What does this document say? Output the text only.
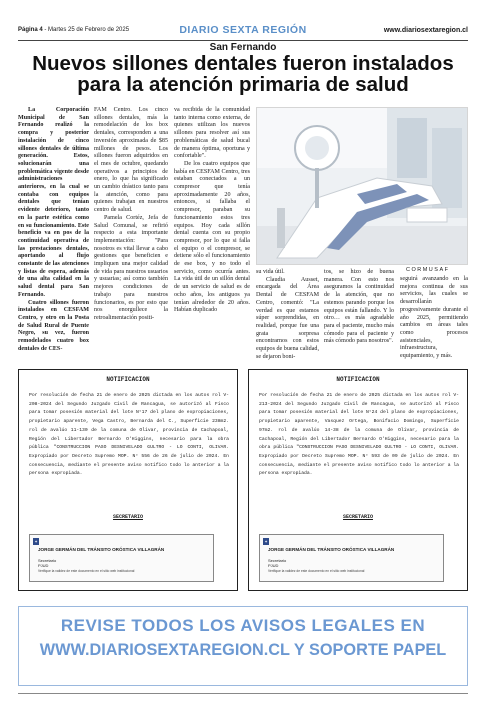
Página 4 - Martes 25 de Febrero de 2025	DIARIO SEXTA REGIÓN	www.diariosextaregion.cl
San Fernando
Nuevos sillones dentales fueron instalados
para la atención primaria de salud

La Corporación Municipal de San Fernando realizó la compra y posterior instalación de cinco sillones dentales de última generación. Estos, solucionarán una problemática vigente desde administraciones anteriores, en la cual se contaba con equipos dentales que tenían evidente deterioro, tanto en la parte estética como en su funcionamiento. Este beneficio va en pos de la continuidad operativa de las prestaciones dentales, aportando al flujo constante de las atenciones y listas de espera, además de una alta calidad en la salud dental para San Fernando.

Cuatro sillones fueron instalados en CESFAM Centro, y otro en la Posta de Salud Rural de Puente Negro, su vez, fueron remodelados cuatro box dentales de CES-

FAM Centro. Los cinco sillones dentales, más la remodelación de los box dentales, corresponden a una inversión aproximada de $85 millones de pesos. Los sillones fueron adquiridos en el mes de octubre, quedando operativos a principios de enero, lo que ha significado un cambio drástico tanto para la atención, como para quienes trabajan en nuestros centro de salud.

Pamela Cortéz, Jefa de Salud Comunal, se refirió respecto a esta importante implementación: "Para nosotros es vital llevar a cabo gestiones que beneficien e impliquen una mejor calidad de vida para nuestros usuarios y usuarias; así como también mejores condiciones de trabajo para nuestros funcionarios, es por esto que nos enorgullece la retroalimentación positi-

va recibida de la comunidad tanto interna como externa, de quienes utilizan los nuevos sillones para resolver así sus problemáticas de salud bucal de manera óptima, oportuna y confortable".

De los cuatro equipos que había en CESFAM Centro, tres estaban conectados a un compresor que tenía aproximadamente 20 años, entonces, si fallaba el compresor, paraban su funcionamiento estos tres equipos. Hoy cada sillón dental cuenta con su propio compresor, por lo que si falla el equipo o el compresor, se detiene sólo el funcionamiento de ese box, y no todo el servicio, como ocurría antes. La vida útil de un sillón dental de un servicio de salud es de ocho años, los antiguos ya tenían alrededor de 20 años. Habían duplicado

su vida útil.

Claudia Ausset, encargada del Área Dental de CESFAM Centro, comentó: "La verdad es que estamos súper sorprendidas, en realidad, porque fue una grata sorpresa encontrarnos con estos equipos de buena calidad, se dejaron boni-

tos, se hizo de buena manera. Con esto nos aseguramos la continuidad de la atención, que no estemos parando porque los equipos están fallando. Y lo otro… es más agradable para el paciente, mucho más cómodo para el paciente y más cómodo para nosotros".

CORMUSAF

seguirá avanzando en la mejora continua de sus servicios, las cuales se desarrollarán progresivamente durante el año 2025, permitiendo cambios en áreas tales como procesos asistenciales, infraestructura, equipamiento, y más.

NOTIFICACION
Por resolución de fecha 21 de enero de 2025 dictada en los autos rol V-208-2024 del Segundo Juzgado Civil de Rancagua, se autorizó al Fisco para tomar posesión material del lote N°17 del plano de expropiaciones, propietario aparente, Vega Castro, Bernarda del C., Superficie 238m2. rol de avalúo 11-130 de la comuna de Olivar, provincia de Cachapoal, Región del Libertador Bernardo O'Higgins, necesario para la obra pública "CONSTRUCCION PASO DESNIVELADO GULTRO - LO CONTI, OLIVAR. Expropiado por Decreto Supremo MOP. N° 556 de 26 de julio de 2024. En consecuencia, mediante el presente aviso notifico todo lo anterior a la persona expropiada.
SECRETARIO
✦
JORGE GERMÁN DEL TRÁNSITO ORÓSTICA VILLAGRÁN
Secretario
PJUD
Verifique la validez de este documento en el sitio web institucional
NOTIFICACION
Por resolución de fecha 21 de enero de 2025 dictada en los autos rol V-213-2024 del Segundo Juzgado Civil de Rancagua, se autorizó al Fisco para tomar posesión material del lote N°24 del plano de expropiaciones, propietario aparente, Vasquez Ortega, Bonifacio Domingo, Superficie 97m2. rol de avalúo 14-38 de la comuna de Olivar, provincia de Cachapoal, Región del Libertador Bernardo O'Higgins, necesario para la obra pública "CONSTRUCCION PASO DESNIVELADO GULTRO - LO CONTI, OLIVAR. Expropiado por Decreto Supremo MOP. N° 593 de 09 de julio de 2024. En consecuencia, mediante el presente aviso notifico todo lo anterior a la persona expropiada.
SECRETARIO
✦
JORGE GERMÁN DEL TRÁNSITO ORÓSTICA VILLAGRÁN
Secretario
PJUD
Verifique la validez de este documento en el sitio web institucional
REVISE TODOS LOS AVISOS LEGALES EN
WWW.DIARIOSEXTAREGION.CL Y SOPORTE PAPEL
